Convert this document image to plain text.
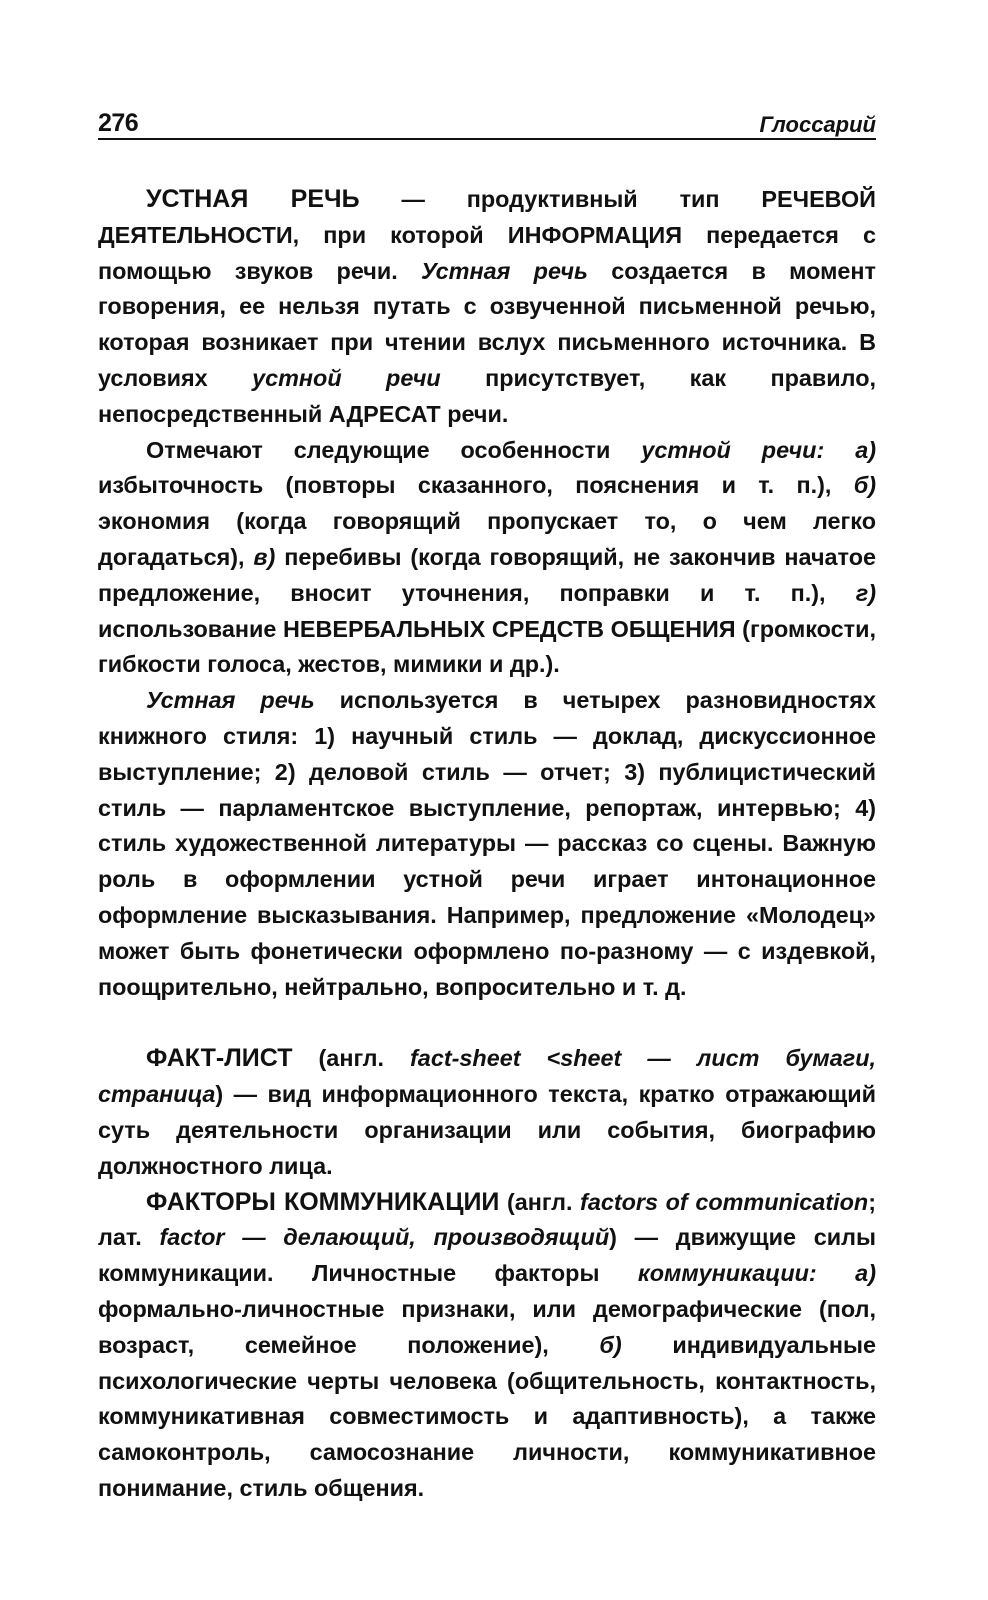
276	Глоссарий

УСТНАЯ РЕЧЬ — продуктивный тип РЕЧЕВОЙ ДЕЯТЕЛЬНОСТИ, при которой ИНФОРМАЦИЯ передается с помощью звуков речи. Устная речь создается в момент говорения, ее нельзя путать с озвученной письменной речью, которая возникает при чтении вслух письменного источника. В условиях устной речи присутствует, как правило, непосредственный АДРЕСАТ речи.

Отмечают следующие особенности устной речи: а) избыточность (повторы сказанного, пояснения и т. п.), б) экономия (когда говорящий пропускает то, о чем легко догадаться), в) перебивы (когда говорящий, не закончив начатое предложение, вносит уточнения, поправки и т. п.), г) использование НЕВЕРБАЛЬНЫХ СРЕДСТВ ОБЩЕНИЯ (громкости, гибкости голоса, жестов, мимики и др.).

Устная речь используется в четырех разновидностях книжного стиля: 1) научный стиль — доклад, дискуссионное выступление; 2) деловой стиль — отчет; 3) публицистический стиль — парламентское выступление, репортаж, интервью; 4) стиль художественной литературы — рассказ со сцены. Важную роль в оформлении устной речи играет интонационное оформление высказывания. Например, предложение «Молодец» может быть фонетически оформлено по-разному — с издевкой, поощрительно, нейтрально, вопросительно и т. д.

ФАКТ-ЛИСТ (англ. fact-sheet <sheet — лист бумаги, страница) — вид информационного текста, кратко отражающий суть деятельности организации или события, биографию должностного лица.

ФАКТОРЫ КОММУНИКАЦИИ (англ. factors of communication; лат. factor — делающий, производящий) — движущие силы коммуникации. Личностные факторы коммуникации: а) формально-личностные признаки, или демографические (пол, возраст, семейное положение), б) индивидуальные психологические черты человека (общительность, контактность, коммуникативная совместимость и адаптивность), а также самоконтроль, самосознание личности, коммуникативное понимание, стиль общения.
